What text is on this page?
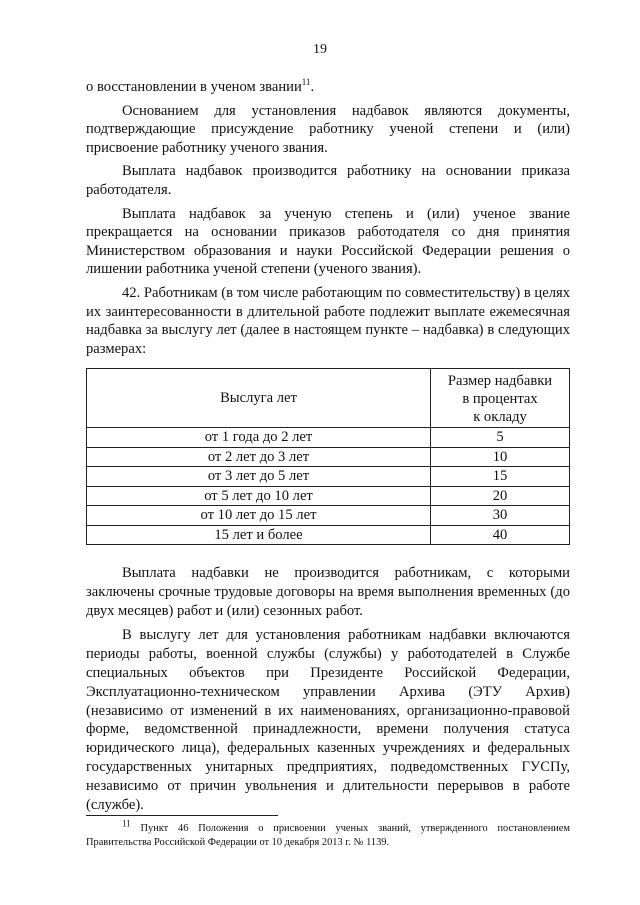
19

о восстановлении в ученом звании$^{11}$.

Основанием для установления надбавок являются документы, подтверждающие присуждение работнику ученой степени и (или) присвоение работнику ученого звания.

Выплата надбавок производится работнику на основании приказа работодателя.

Выплата надбавок за ученую степень и (или) ученое звание прекращается на основании приказов работодателя со дня принятия Министерством образования и науки Российской Федерации решения о лишении работника ученой степени (ученого звания).

42. Работникам (в том числе работающим по совместительству) в целях их заинтересованности в длительной работе подлежит выплате ежемесячная надбавка за выслугу лет (далее в настоящем пункте – надбавка) в следующих размерах:

Выслуга лет	Размер надбавки
в процентах
к окладу

от 1 года до 2 лет	5
от 2 лет до 3 лет	10
от 3 лет до 5 лет	15
от 5 лет до 10 лет	20
от 10 лет до 15 лет	30
15 лет и более	40

Выплата надбавки не производится работникам, с которыми заключены срочные трудовые договоры на время выполнения временных (до двух месяцев) работ и (или) сезонных работ.

В выслугу лет для установления работникам надбавки включаются периоды работы, военной службы (службы) у работодателей в Службе специальных объектов при Президенте Российской Федерации, Эксплуатационно-техническом управлении Архива (ЭТУ Архив) (независимо от изменений в их наименованиях, организационно-правовой форме, ведомственной принадлежности, времени получения статуса юридического лица), федеральных казенных учреждениях и федеральных государственных унитарных предприятиях, подведомственных ГУСПу, независимо от причин увольнения и длительности перерывов в работе (службе).

$^{11}$ Пункт 46 Положения о присвоении ученых званий, утвержденного постановлением Правительства Российской Федерации от 10 декабря 2013 г. № 1139.
